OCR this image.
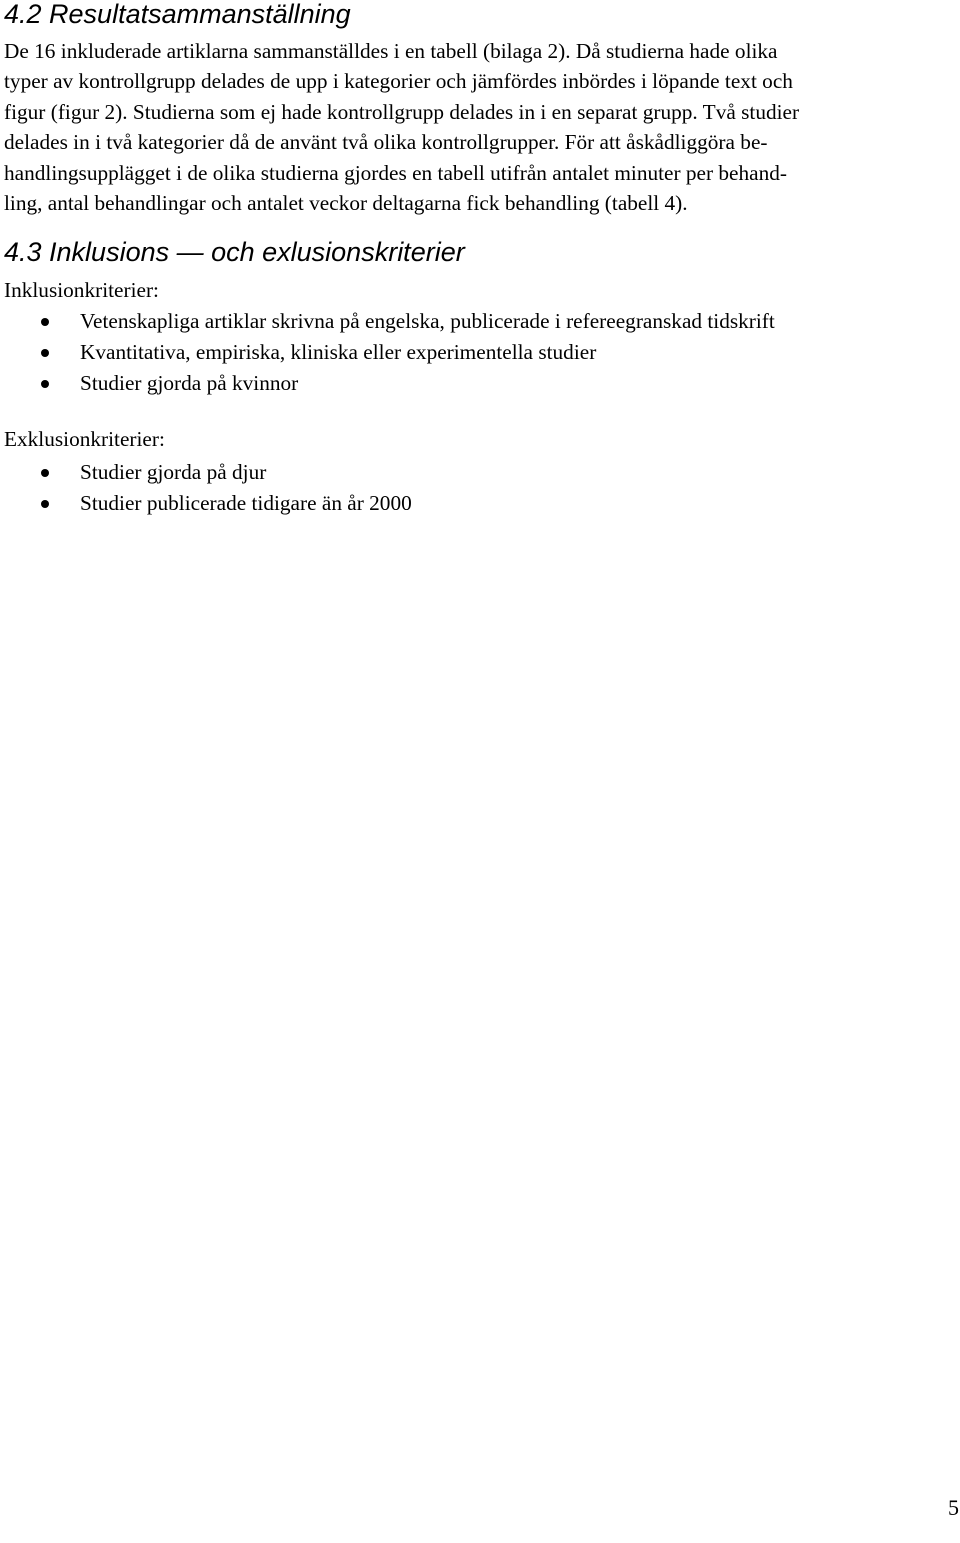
4.2 Resultatsammanställning
De 16 inkluderade artiklarna sammanställdes i en tabell (bilaga 2). Då studierna hade olika
typer av kontrollgrupp delades de upp i kategorier och jämfördes inbördes i löpande text och
figur (figur 2). Studierna som ej hade kontrollgrupp delades in i en separat grupp. Två studier
delades in i två kategorier då de använt två olika kontrollgrupper. För att åskådliggöra be-
handlingsupplägget i de olika studierna gjordes en tabell utifrån antalet minuter per behand-
ling, antal behandlingar och antalet veckor deltagarna fick behandling (tabell 4).
4.3 Inklusions — och exlusionskriterier

Inklusionkriterier:

Vetenskapliga artiklar skrivna på engelska, publicerade i refereegranskad tidskrift
Kvantitativa, empiriska, kliniska eller experimentella studier
Studier gjorda på kvinnor

Exklusionkriterier:

Studier gjorda på djur
Studier publicerade tidigare än år 2000
5
